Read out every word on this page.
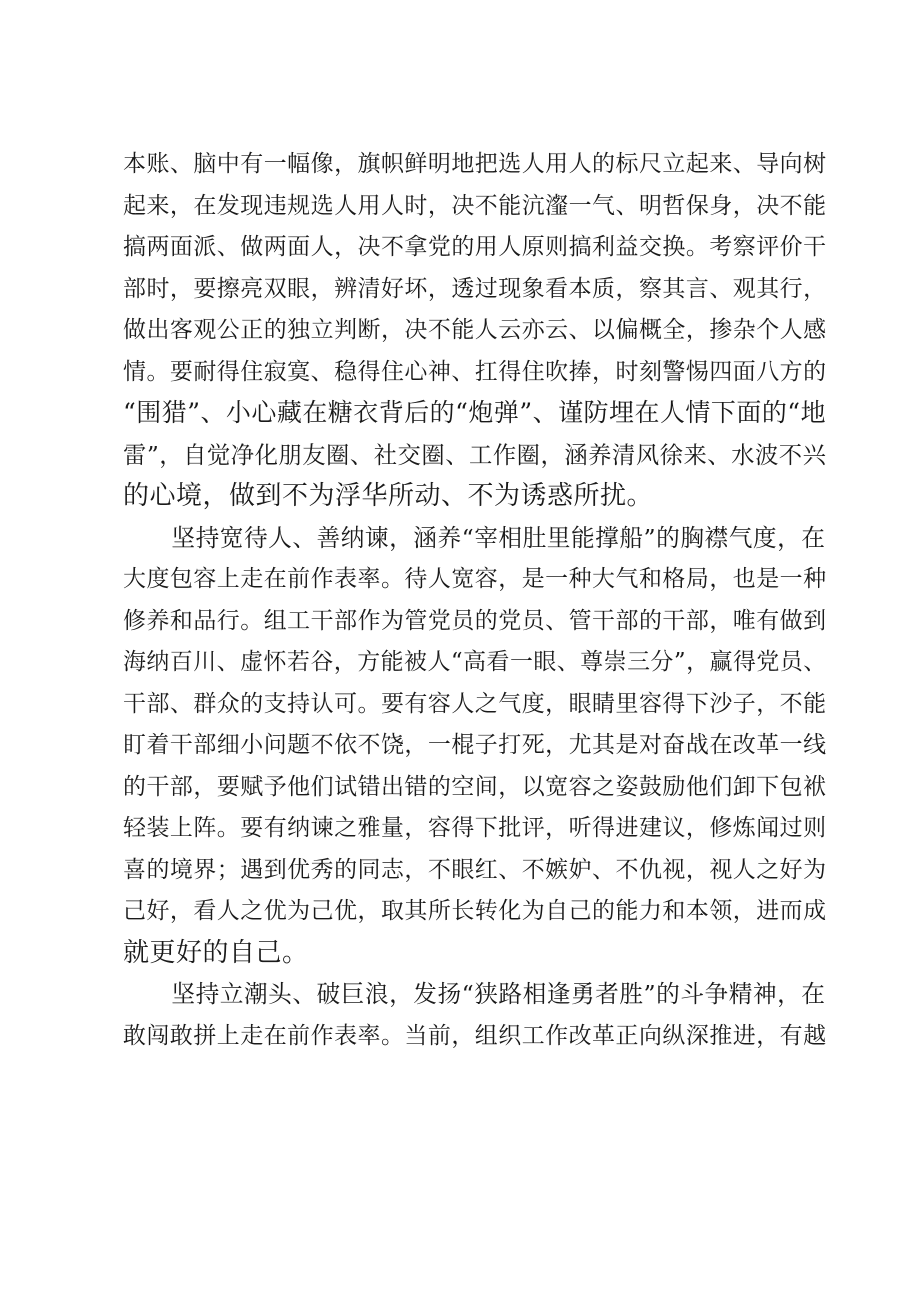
本账、脑中有一幅像，旗帜鲜明地把选人用人的标尺立起来、导向树
起来，在发现违规选人用人时，决不能沆瀣一气、明哲保身，决不能
搞两面派、做两面人，决不拿党的用人原则搞利益交换。考察评价干
部时，要擦亮双眼，辨清好坏，透过现象看本质，察其言、观其行，
做出客观公正的独立判断，决不能人云亦云、以偏概全，掺杂个人感
情。要耐得住寂寞、稳得住心神、扛得住吹捧，时刻警惕四面八方的
“围猎”、小心藏在糖衣背后的“炮弹”、谨防埋在人情下面的“地
雷”，自觉净化朋友圈、社交圈、工作圈，涵养清风徐来、水波不兴
的心境，做到不为浮华所动、不为诱惑所扰。
　　坚持宽待人、善纳谏，涵养“宰相肚里能撑船”的胸襟气度，在
大度包容上走在前作表率。待人宽容，是一种大气和格局，也是一种
修养和品行。组工干部作为管党员的党员、管干部的干部，唯有做到
海纳百川、虚怀若谷，方能被人“高看一眼、尊崇三分”，赢得党员、
干部、群众的支持认可。要有容人之气度，眼睛里容得下沙子，不能
盯着干部细小问题不依不饶，一棍子打死，尤其是对奋战在改革一线
的干部，要赋予他们试错出错的空间，以宽容之姿鼓励他们卸下包袱
轻装上阵。要有纳谏之雅量，容得下批评，听得进建议，修炼闻过则
喜的境界；遇到优秀的同志，不眼红、不嫉妒、不仇视，视人之好为
己好，看人之优为己优，取其所长转化为自己的能力和本领，进而成
就更好的自己。
　　坚持立潮头、破巨浪，发扬“狭路相逢勇者胜”的斗争精神，在
敢闯敢拼上走在前作表率。当前，组织工作改革正向纵深推进，有越
